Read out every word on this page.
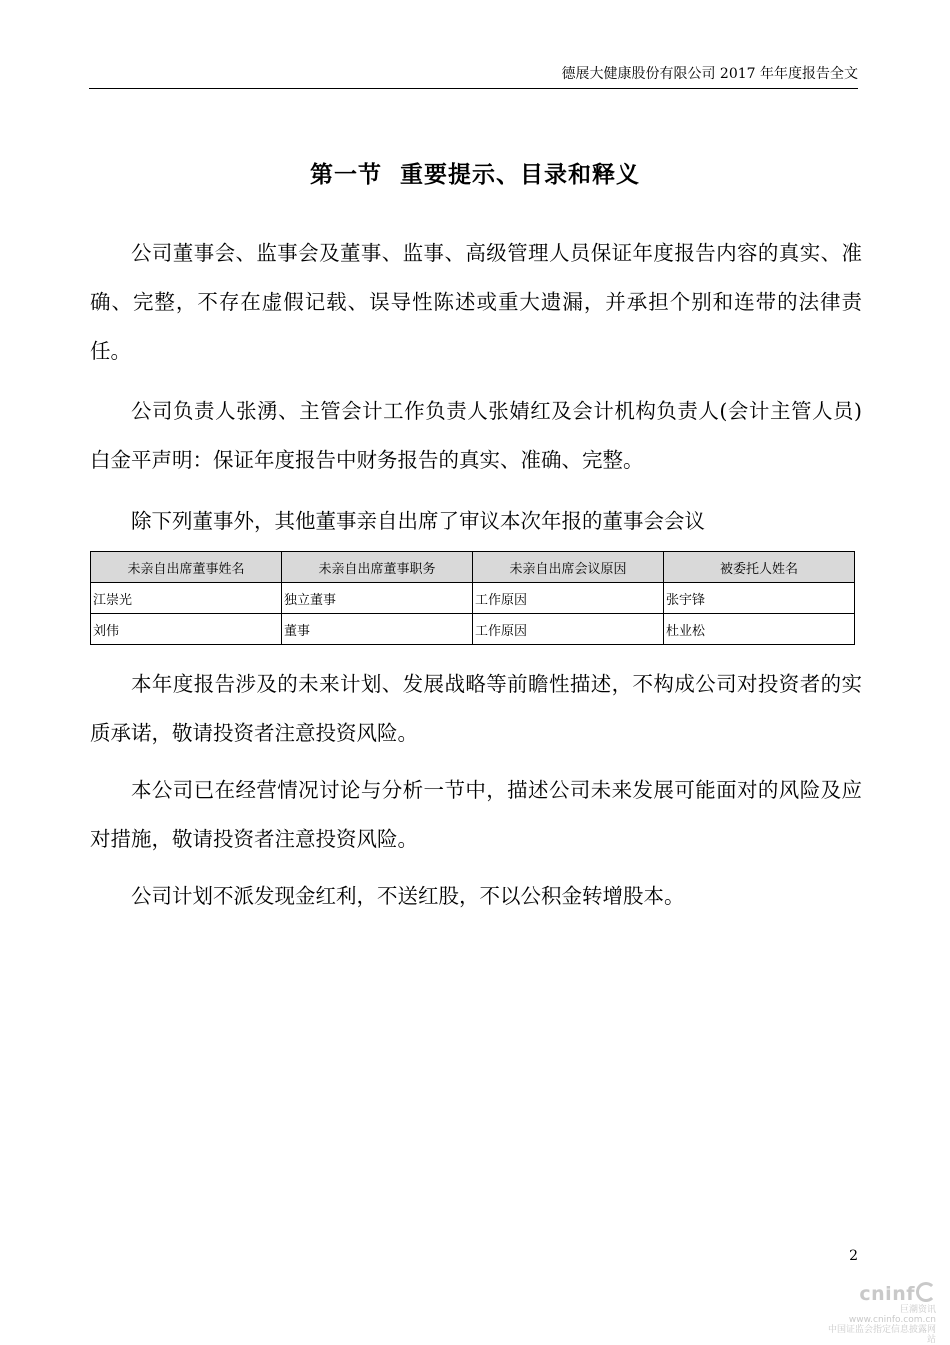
德展大健康股份有限公司 2017 年年度报告全文
第一节  重要提示、目录和释义

公司董事会、监事会及董事、监事、高级管理人员保证年度报告内容的真实、准确、完整，不存在虚假记载、误导性陈述或重大遗漏，并承担个别和连带的法律责任。

公司负责人张湧、主管会计工作负责人张婧红及会计机构负责人(会计主管人员)白金平声明：保证年度报告中财务报告的真实、准确、完整。

除下列董事外，其他董事亲自出席了审议本次年报的董事会会议

未亲自出席董事姓名	未亲自出席董事职务	未亲自出席会议原因	被委托人姓名
江崇光	独立董事	工作原因	张宇锋
刘伟	董事	工作原因	杜业松

本年度报告涉及的未来计划、发展战略等前瞻性描述，不构成公司对投资者的实质承诺，敬请投资者注意投资风险。

本公司已在经营情况讨论与分析一节中，描述公司未来发展可能面对的风险及应对措施，敬请投资者注意投资风险。

公司计划不派发现金红利，不送红股，不以公积金转增股本。

2
cninf
巨潮资讯
www.cninfo.com.cn
中国证监会指定信息披露网站
